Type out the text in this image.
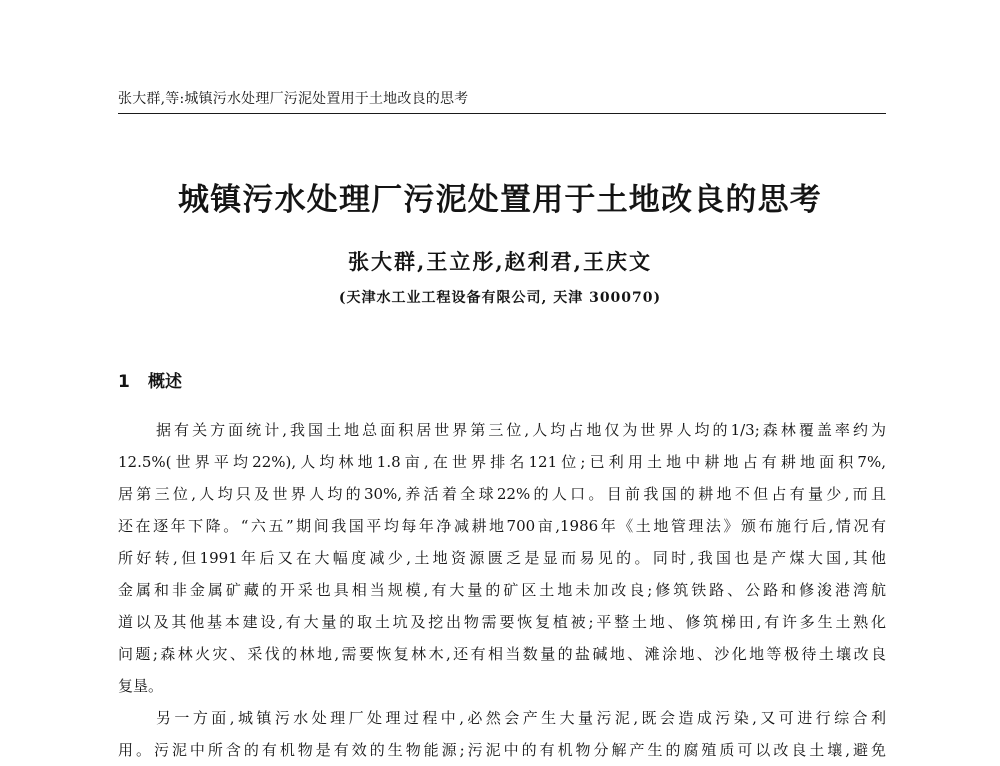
张大群,等:城镇污水处理厂污泥处置用于土地改良的思考
城镇污水处理厂污泥处置用于土地改良的思考
张大群,王立彤,赵利君,王庆文
(天津水工业工程设备有限公司, 天津 300070)
1 概述
据有关方面统计,我国土地总面积居世界第三位,人均占地仅为世界人均的1/3;森林覆盖率约为
12.5%(世界平均22%),人均林地1.8亩,在世界排名121位;已利用土地中耕地占有耕地面积7%,
居第三位,人均只及世界人均的30%,养活着全球22%的人口。目前我国的耕地不但占有量少,而且
还在逐年下降。“六五”期间我国平均每年净减耕地700亩,1986年《土地管理法》颁布施行后,情况有
所好转,但1991年后又在大幅度减少,土地资源匮乏是显而易见的。同时,我国也是产煤大国,其他
金属和非金属矿藏的开采也具相当规模,有大量的矿区土地未加改良;修筑铁路、公路和修浚港湾航
道以及其他基本建设,有大量的取土坑及挖出物需要恢复植被;平整土地、修筑梯田,有许多生土熟化
问题;森林火灾、采伐的林地,需要恢复林木,还有相当数量的盐碱地、滩涂地、沙化地等极待土壤改良
复垦。
另一方面,城镇污水处理厂处理过程中,必然会产生大量污泥,既会造成污染,又可进行综合利
用。污泥中所含的有机物是有效的生物能源;污泥中的有机物分解产生的腐殖质可以改良土壤,避免
